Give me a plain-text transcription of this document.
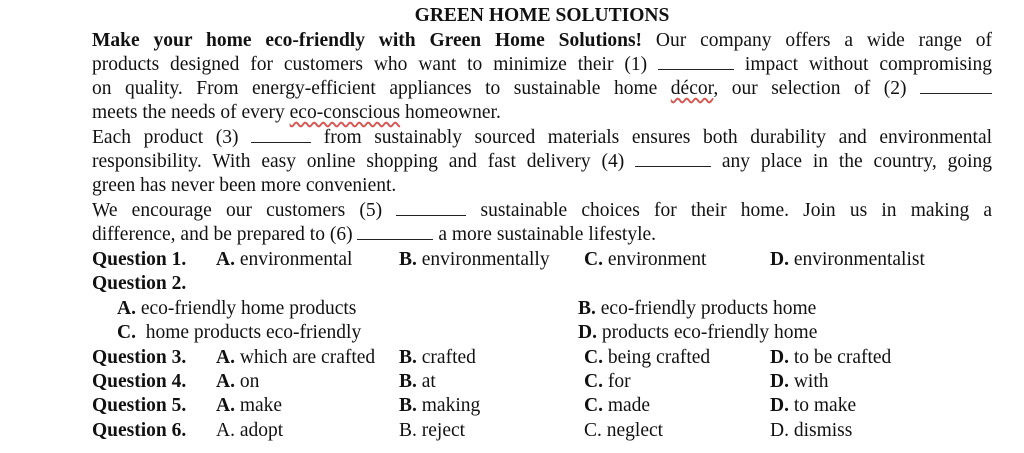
GREEN HOME SOLUTIONS
Make your home eco-friendly with Green Home Solutions! Our company offers a wide range of
products designed for customers who want to minimize their (1)	impact without compromising
on quality. From energy-efficient appliances to sustainable home décor, our selection of (2)
meets the needs of every eco-conscious homeowner.
Each product (3)	from sustainably sourced materials ensures both durability and environmental
responsibility. With easy online shopping and fast delivery (4)	any place in the country, going
green has never been more convenient.
We encourage our customers (5)	sustainable choices for their home. Join us in making a
difference, and be prepared to (6)	a more sustainable lifestyle.
Question 1. A. environmental B. environmentally C. environment	D. environmentalist
Question 2.
A. eco-friendly home products	B. eco-friendly products home
C. home products eco-friendly	D. products eco-friendly home
Question 3. A. which are crafted B. crafted	C. being crafted	D. to be crafted
Question 4. A. on	B. at	C. for	D. with
Question 5. A. make	B. making	C. made	D. to make
Question 6. A. adopt	B. reject	C. neglect	D. dismiss
